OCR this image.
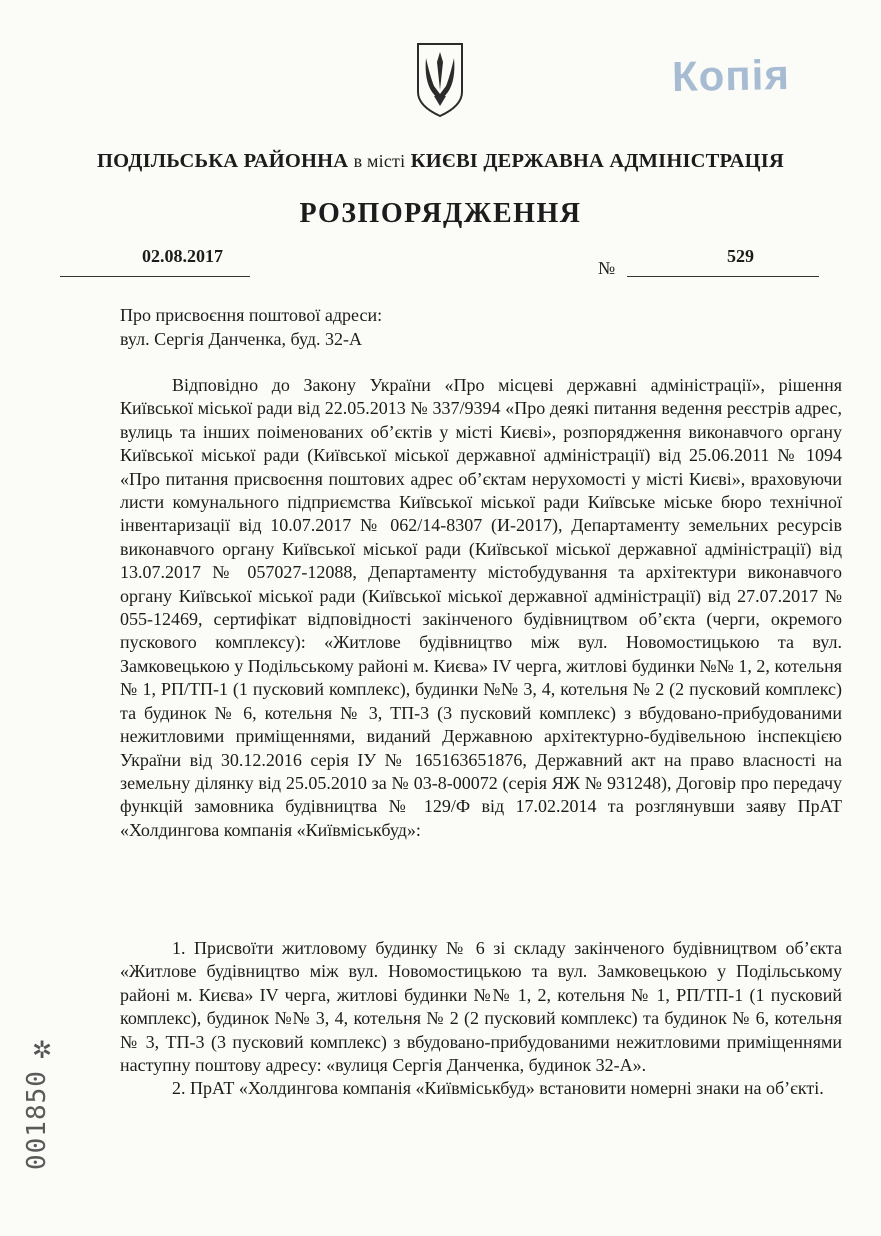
Копія
ПОДІЛЬСЬКА РАЙОННА в місті КИЄВІ ДЕРЖАВНА АДМІНІСТРАЦІЯ
РОЗПОРЯДЖЕННЯ
02.08.2017
№
529
Про присвоєння поштової адреси:
вул. Сергія Данченка, буд. 32-А

Відповідно до Закону України «Про місцеві державні адміністрації», рішення Київської міської ради від 22.05.2013 № 337/9394 «Про деякі питання ведення реєстрів адрес, вулиць та інших поіменованих об’єктів у місті Києві», розпорядження виконавчого органу Київської міської ради (Київської міської державної адміністрації) від 25.06.2011 № 1094 «Про питання присвоєння поштових адрес об’єктам нерухомості у місті Києві», враховуючи листи комунального підприємства Київської міської ради Київське міське бюро технічної інвентаризації від 10.07.2017 № 062/14-8307 (И-2017), Департаменту земельних ресурсів виконавчого органу Київської міської ради (Київської міської державної адміністрації) від 13.07.2017 № 057027-12088, Департаменту містобудування та архітектури виконавчого органу Київської міської ради (Київської міської державної адміністрації) від 27.07.2017 № 055-12469, сертифікат відповідності закінченого будівництвом об’єкта (черги, окремого пускового комплексу): «Житлове будівництво між вул. Новомостицькою та вул. Замковецькою у Подільському районі м. Києва» IV черга, житлові будинки №№ 1, 2, котельня № 1, РП/ТП-1 (1 пусковий комплекс), будинки №№ 3, 4, котельня № 2 (2 пусковий комплекс) та будинок № 6, котельня № 3, ТП-3 (3 пусковий комплекс) з вбудовано-прибудованими нежитловими приміщеннями, виданий Державною архітектурно-будівельною інспекцією України від 30.12.2016 серія ІУ № 165163651876, Державний акт на право власності на земельну ділянку від 25.05.2010 за № 03-8-00072 (серія ЯЖ № 931248), Договір про передачу функцій замовника будівництва № 129/Ф від 17.02.2014 та розглянувши заяву ПрАТ «Холдингова компанія «Київміськбуд»:

1. Присвоїти житловому будинку № 6 зі складу закінченого будівництвом об’єкта «Житлове будівництво між вул. Новомостицькою та вул. Замковецькою у Подільському районі м. Києва» IV черга, житлові будинки №№ 1, 2, котельня № 1, РП/ТП-1 (1 пусковий комплекс), будинок №№ 3, 4, котельня № 2 (2 пусковий комплекс) та будинок № 6, котельня № 3, ТП-3 (3 пусковий комплекс) з вбудовано-прибудованими нежитловими приміщеннями наступну поштову адресу: «вулиця Сергія Данченка, будинок 32-А».

2. ПрАТ «Холдингова компанія «Київміськбуд» встановити номерні знаки на об’єкті.

✲
001850
